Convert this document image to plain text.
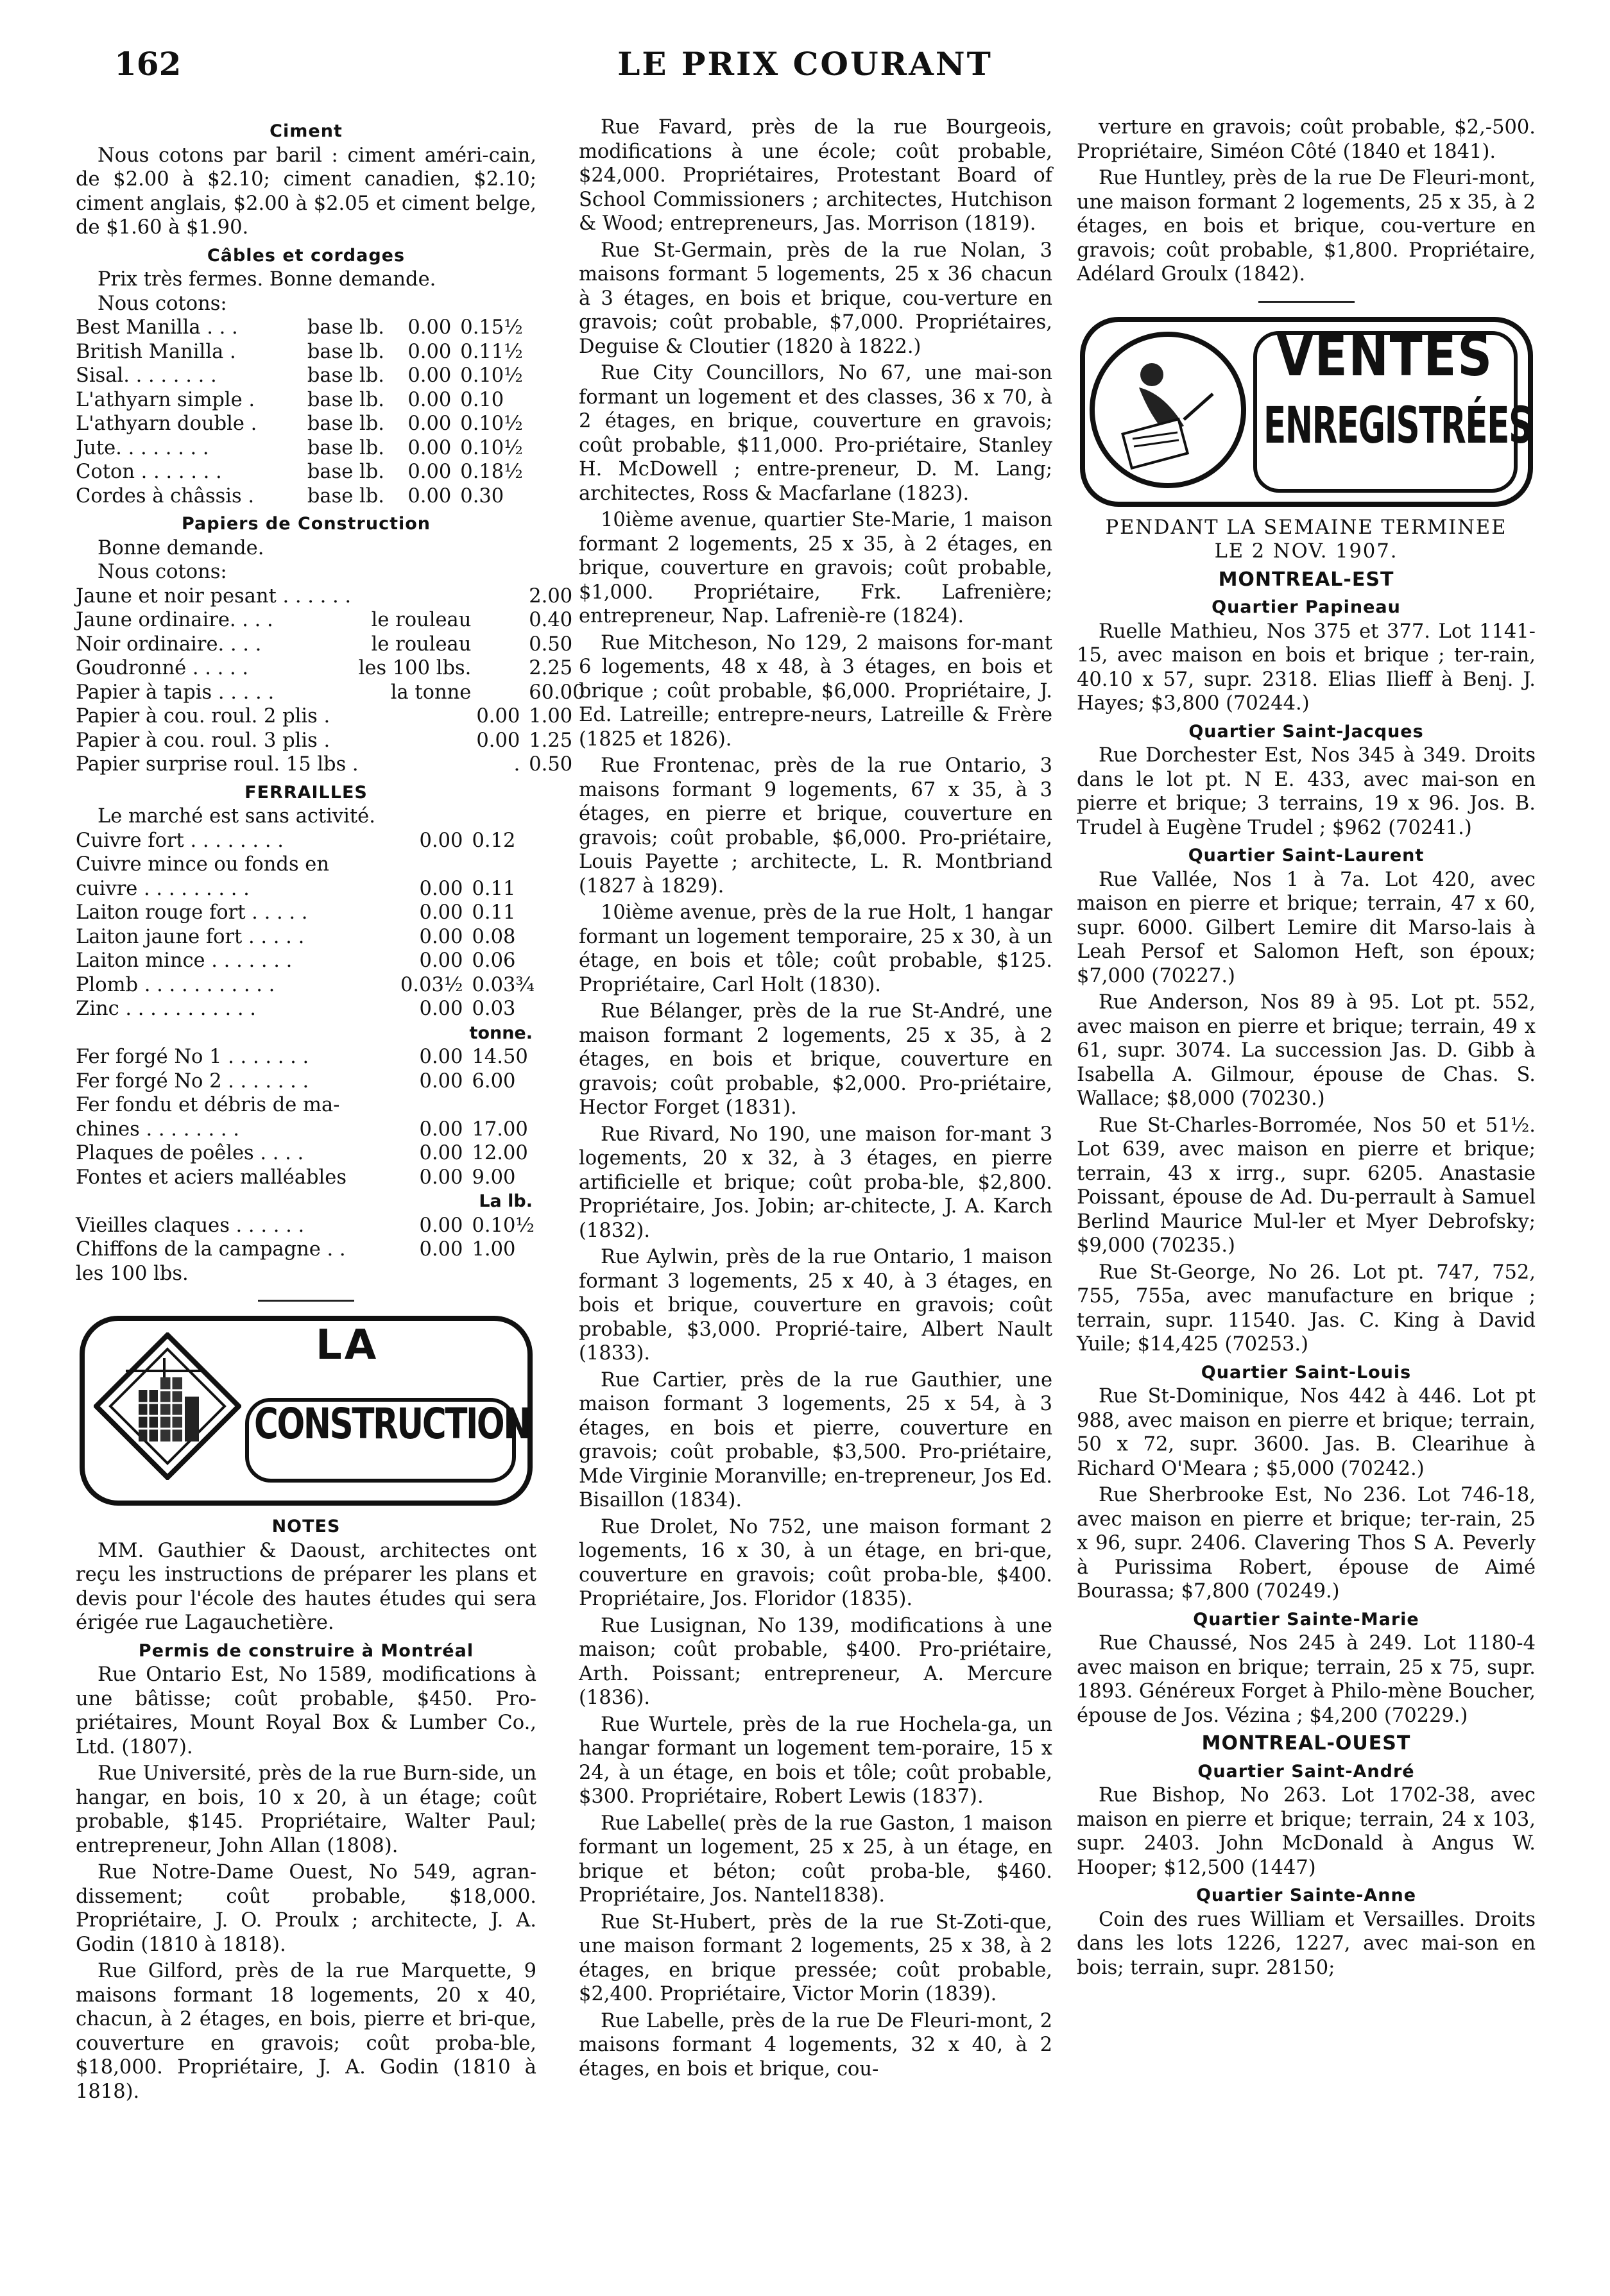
162	LE PRIX COURANT
Ciment

Nous cotons par baril : ciment améri-cain, de $2.00 à $2.10; ciment canadien, $2.10; ciment anglais, $2.00 à $2.05 et ciment belge, de $1.60 à $1.90.

Câbles et cordages

Prix très fermes. Bonne demande.

Nous cotons:

Best Manilla . . .	base lb.	0.00	0.15½
British Manilla .	base lb.	0.00	0.11½
Sisal. . . . . . . .	base lb.	0.00	0.10½
L'athyarn simple .	base lb.	0.00	0.10
L'athyarn double .	base lb.	0.00	0.10½
Jute. . . . . . . .	base lb.	0.00	0.10½
Coton . . . . . . .	base lb.	0.00	0.18½
Cordes à châssis .	base lb.	0.00	0.30
Papiers de Construction

Bonne demande.

Nous cotons:

Jaune et noir pesant . . . . . .			2.00
Jaune ordinaire. . . .	le rouleau		0.40
Noir ordinaire. . . .	le rouleau		0.50
Goudronné . . . . .	les 100 lbs.		2.25
Papier à tapis . . . . .	la tonne		60.00
Papier à cou. roul. 2 plis .		0.00	1.00
Papier à cou. roul. 3 plis .		0.00	1.25
Papier surprise roul. 15 lbs .		.	0.50
FERRAILLES

Le marché est sans activité.

Cuivre fort . . . . . . . .	0.00	0.12
Cuivre mince ou fonds en		
cuivre . . . . . . . . .	0.00	0.11
Laiton rouge fort . . . . .	0.00	0.11
Laiton jaune fort . . . . .	0.00	0.08
Laiton mince . . . . . . .	0.00	0.06
Plomb . . . . . . . . . . .	0.03½	0.03¾
Zinc . . . . . . . . . . .	0.00	0.03
tonne.
Fer forgé No 1 . . . . . . .	0.00	14.50
Fer forgé No 2 . . . . . . .	0.00	6.00
Fer fondu et débris de ma-		
chines . . . . . . . .	0.00	17.00
Plaques de poêles . . . .	0.00	12.00
Fontes et aciers malléables	0.00	9.00
La lb.
Vieilles claques . . . . . .	0.00	0.10½
Chiffons de la campagne . .	0.00	1.00
les 100 lbs.		
LA
CONSTRUCTION
NOTES

MM. Gauthier & Daoust, architectes ont reçu les instructions de préparer les plans et devis pour l'école des hautes études qui sera érigée rue Lagauchetière.

Permis de construire à Montréal

Rue Ontario Est, No 1589, modifications à une bâtisse; coût probable, $450. Pro-priétaires, Mount Royal Box & Lumber Co., Ltd. (1807).

Rue Université, près de la rue Burn-side, un hangar, en bois, 10 x 20, à un étage; coût probable, $145. Propriétaire, Walter Paul; entrepreneur, John Allan (1808).

Rue Notre-Dame Ouest, No 549, agran-dissement; coût probable, $18,000. Propriétaire, J. O. Proulx ; architecte, J. A. Godin (1810 à 1818).

Rue Gilford, près de la rue Marquette, 9 maisons formant 18 logements, 20 x 40, chacun, à 2 étages, en bois, pierre et bri-que, couverture en gravois; coût proba-ble, $18,000. Propriétaire, J. A. Godin (1810 à 1818).

Rue Favard, près de la rue Bourgeois, modifications à une école; coût probable, $24,000. Propriétaires, Protestant Board of School Commissioners ; architectes, Hutchison & Wood; entrepreneurs, Jas. Morrison (1819).

Rue St-Germain, près de la rue Nolan, 3 maisons formant 5 logements, 25 x 36 chacun à 3 étages, en bois et brique, cou-verture en gravois; coût probable, $7,000. Propriétaires, Deguise & Cloutier (1820 à 1822.)

Rue City Councillors, No 67, une mai-son formant un logement et des classes, 36 x 70, à 2 étages, en brique, couverture en gravois; coût probable, $11,000. Pro-priétaire, Stanley H. McDowell ; entre-preneur, D. M. Lang; architectes, Ross & Macfarlane (1823).

10ième avenue, quartier Ste-Marie, 1 maison formant 2 logements, 25 x 35, à 2 étages, en brique, couverture en gravois; coût probable, $1,000. Propriétaire, Frk. Lafrenière; entrepreneur, Nap. Lafreniè-re (1824).

Rue Mitcheson, No 129, 2 maisons for-mant 6 logements, 48 x 48, à 3 étages, en bois et brique ; coût probable, $6,000. Propriétaire, J. Ed. Latreille; entrepre-neurs, Latreille & Frère (1825 et 1826).

Rue Frontenac, près de la rue Ontario, 3 maisons formant 9 logements, 67 x 35, à 3 étages, en pierre et brique, couverture en gravois; coût probable, $6,000. Pro-priétaire, Louis Payette ; architecte, L. R. Montbriand (1827 à 1829).

10ième avenue, près de la rue Holt, 1 hangar formant un logement temporaire, 25 x 30, à un étage, en bois et tôle; coût probable, $125. Propriétaire, Carl Holt (1830).

Rue Bélanger, près de la rue St-André, une maison formant 2 logements, 25 x 35, à 2 étages, en bois et brique, couverture en gravois; coût probable, $2,000. Pro-priétaire, Hector Forget (1831).

Rue Rivard, No 190, une maison for-mant 3 logements, 20 x 32, à 3 étages, en pierre artificielle et brique; coût proba-ble, $2,800. Propriétaire, Jos. Jobin; ar-chitecte, J. A. Karch (1832).

Rue Aylwin, près de la rue Ontario, 1 maison formant 3 logements, 25 x 40, à 3 étages, en bois et brique, couverture en gravois; coût probable, $3,000. Proprié-taire, Albert Nault (1833).

Rue Cartier, près de la rue Gauthier, une maison formant 3 logements, 25 x 54, à 3 étages, en bois et pierre, couverture en gravois; coût probable, $3,500. Pro-priétaire, Mde Virginie Moranville; en-trepreneur, Jos Ed. Bisaillon (1834).

Rue Drolet, No 752, une maison formant 2 logements, 16 x 30, à un étage, en bri-que, couverture en gravois; coût proba-ble, $400. Propriétaire, Jos. Floridor (1835).

Rue Lusignan, No 139, modifications à une maison; coût probable, $400. Pro-priétaire, Arth. Poissant; entrepreneur, A. Mercure (1836).

Rue Wurtele, près de la rue Hochela-ga, un hangar formant un logement tem-poraire, 15 x 24, à un étage, en bois et tôle; coût probable, $300. Propriétaire, Robert Lewis (1837).

Rue Labelle( près de la rue Gaston, 1 maison formant un logement, 25 x 25, à un étage, en brique et béton; coût proba-ble, $460. Propriétaire, Jos. Nantel1838).

Rue St-Hubert, près de la rue St-Zoti-que, une maison formant 2 logements, 25 x 38, à 2 étages, en brique pressée; coût probable, $2,400. Propriétaire, Victor Morin (1839).

Rue Labelle, près de la rue De Fleuri-mont, 2 maisons formant 4 logements, 32 x 40, à 2 étages, en bois et brique, cou-

verture en gravois; coût probable, $2,-500. Propriétaire, Siméon Côté (1840 et 1841).

Rue Huntley, près de la rue De Fleuri-mont, une maison formant 2 logements, 25 x 35, à 2 étages, en bois et brique, cou-verture en gravois; coût probable, $1,800. Propriétaire, Adélard Groulx (1842).

VENTES
ENREGISTRÉES
PENDANT LA SEMAINE TERMINEE
LE 2 NOV. 1907.
MONTREAL-EST
Quartier Papineau

Ruelle Mathieu, Nos 375 et 377. Lot 1141-15, avec maison en bois et brique ; ter-rain, 40.10 x 57, supr. 2318. Elias Ilieff à Benj. J. Hayes; $3,800 (70244.)

Quartier Saint-Jacques

Rue Dorchester Est, Nos 345 à 349. Droits dans le lot pt. N E. 433, avec mai-son en pierre et brique; 3 terrains, 19 x 96. Jos. B. Trudel à Eugène Trudel ; $962 (70241.)

Quartier Saint-Laurent

Rue Vallée, Nos 1 à 7a. Lot 420, avec maison en pierre et brique; terrain, 47 x 60, supr. 6000. Gilbert Lemire dit Marso-lais à Leah Persof et Salomon Heft, son époux; $7,000 (70227.)

Rue Anderson, Nos 89 à 95. Lot pt. 552, avec maison en pierre et brique; terrain, 49 x 61, supr. 3074. La succession Jas. D. Gibb à Isabella A. Gilmour, épouse de Chas. S. Wallace; $8,000 (70230.)

Rue St-Charles-Borromée, Nos 50 et 51½. Lot 639, avec maison en pierre et brique; terrain, 43 x irrg., supr. 6205. Anastasie Poissant, épouse de Ad. Du-perrault à Samuel Berlind Maurice Mul-ler et Myer Debrofsky; $9,000 (70235.)

Rue St-George, No 26. Lot pt. 747, 752, 755, 755a, avec manufacture en brique ; terrain, supr. 11540. Jas. C. King à David Yuile; $14,425 (70253.)

Quartier Saint-Louis

Rue St-Dominique, Nos 442 à 446. Lot pt 988, avec maison en pierre et brique; terrain, 50 x 72, supr. 3600. Jas. B. Clearihue à Richard O'Meara ; $5,000 (70242.)

Rue Sherbrooke Est, No 236. Lot 746-18, avec maison en pierre et brique; ter-rain, 25 x 96, supr. 2406. Clavering Thos S A. Peverly à Purissima Robert, épouse de Aimé Bourassa; $7,800 (70249.)

Quartier Sainte-Marie

Rue Chaussé, Nos 245 à 249. Lot 1180-4 avec maison en brique; terrain, 25 x 75, supr. 1893. Généreux Forget à Philo-mène Boucher, épouse de Jos. Vézina ; $4,200 (70229.)

MONTREAL-OUEST
Quartier Saint-André

Rue Bishop, No 263. Lot 1702-38, avec maison en pierre et brique; terrain, 24 x 103, supr. 2403. John McDonald à Angus W. Hooper; $12,500 (1447)

Quartier Sainte-Anne

Coin des rues William et Versailles. Droits dans les lots 1226, 1227, avec mai-son en bois; terrain, supr. 28150;
